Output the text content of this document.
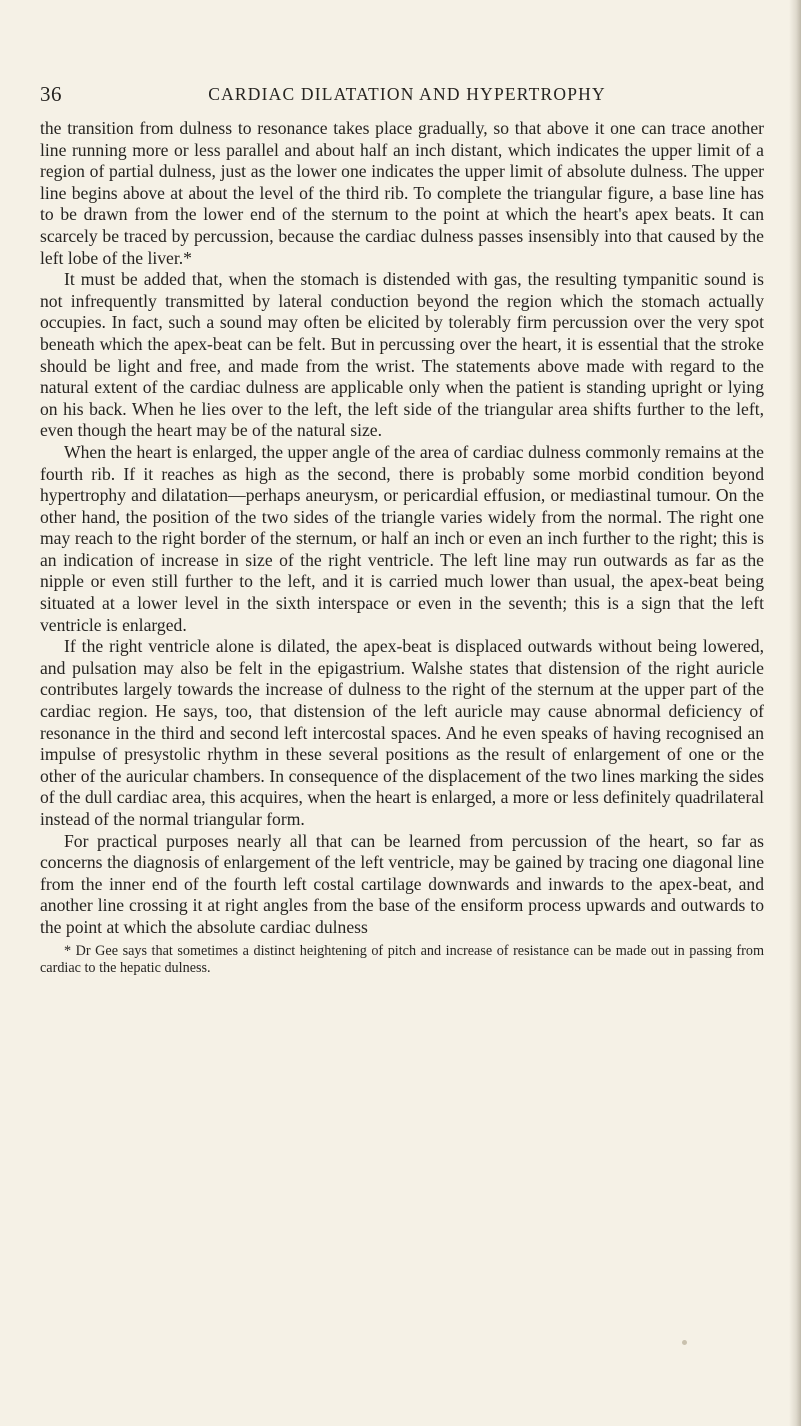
36	CARDIAC DILATATION AND HYPERTROPHY

the transition from dulness to resonance takes place gradually, so that above it one can trace another line running more or less parallel and about half an inch distant, which indicates the upper limit of a region of partial dulness, just as the lower one indicates the upper limit of absolute dulness. The upper line begins above at about the level of the third rib. To complete the triangular figure, a base line has to be drawn from the lower end of the sternum to the point at which the heart's apex beats. It can scarcely be traced by percussion, because the cardiac dulness passes insensibly into that caused by the left lobe of the liver.*

It must be added that, when the stomach is distended with gas, the resulting tympanitic sound is not infrequently transmitted by lateral conduction beyond the region which the stomach actually occupies. In fact, such a sound may often be elicited by tolerably firm percussion over the very spot beneath which the apex-beat can be felt. But in percussing over the heart, it is essential that the stroke should be light and free, and made from the wrist. The statements above made with regard to the natural extent of the cardiac dulness are applicable only when the patient is standing upright or lying on his back. When he lies over to the left, the left side of the triangular area shifts further to the left, even though the heart may be of the natural size.

When the heart is enlarged, the upper angle of the area of cardiac dulness commonly remains at the fourth rib. If it reaches as high as the second, there is probably some morbid condition beyond hypertrophy and dilatation—perhaps aneurysm, or pericardial effusion, or mediastinal tumour. On the other hand, the position of the two sides of the triangle varies widely from the normal. The right one may reach to the right border of the sternum, or half an inch or even an inch further to the right; this is an indication of increase in size of the right ventricle. The left line may run outwards as far as the nipple or even still further to the left, and it is carried much lower than usual, the apex-beat being situated at a lower level in the sixth interspace or even in the seventh; this is a sign that the left ventricle is enlarged.

If the right ventricle alone is dilated, the apex-beat is displaced outwards without being lowered, and pulsation may also be felt in the epigastrium. Walshe states that distension of the right auricle contributes largely towards the increase of dulness to the right of the sternum at the upper part of the cardiac region. He says, too, that distension of the left auricle may cause abnormal deficiency of resonance in the third and second left intercostal spaces. And he even speaks of having recognised an impulse of presystolic rhythm in these several positions as the result of enlargement of one or the other of the auricular chambers. In consequence of the displacement of the two lines marking the sides of the dull cardiac area, this acquires, when the heart is enlarged, a more or less definitely quadrilateral instead of the normal triangular form.

For practical purposes nearly all that can be learned from percussion of the heart, so far as concerns the diagnosis of enlargement of the left ventricle, may be gained by tracing one diagonal line from the inner end of the fourth left costal cartilage downwards and inwards to the apex-beat, and another line crossing it at right angles from the base of the ensiform process upwards and outwards to the point at which the absolute cardiac dulness

* Dr Gee says that sometimes a distinct heightening of pitch and increase of resistance can be made out in passing from cardiac to the hepatic dulness.
